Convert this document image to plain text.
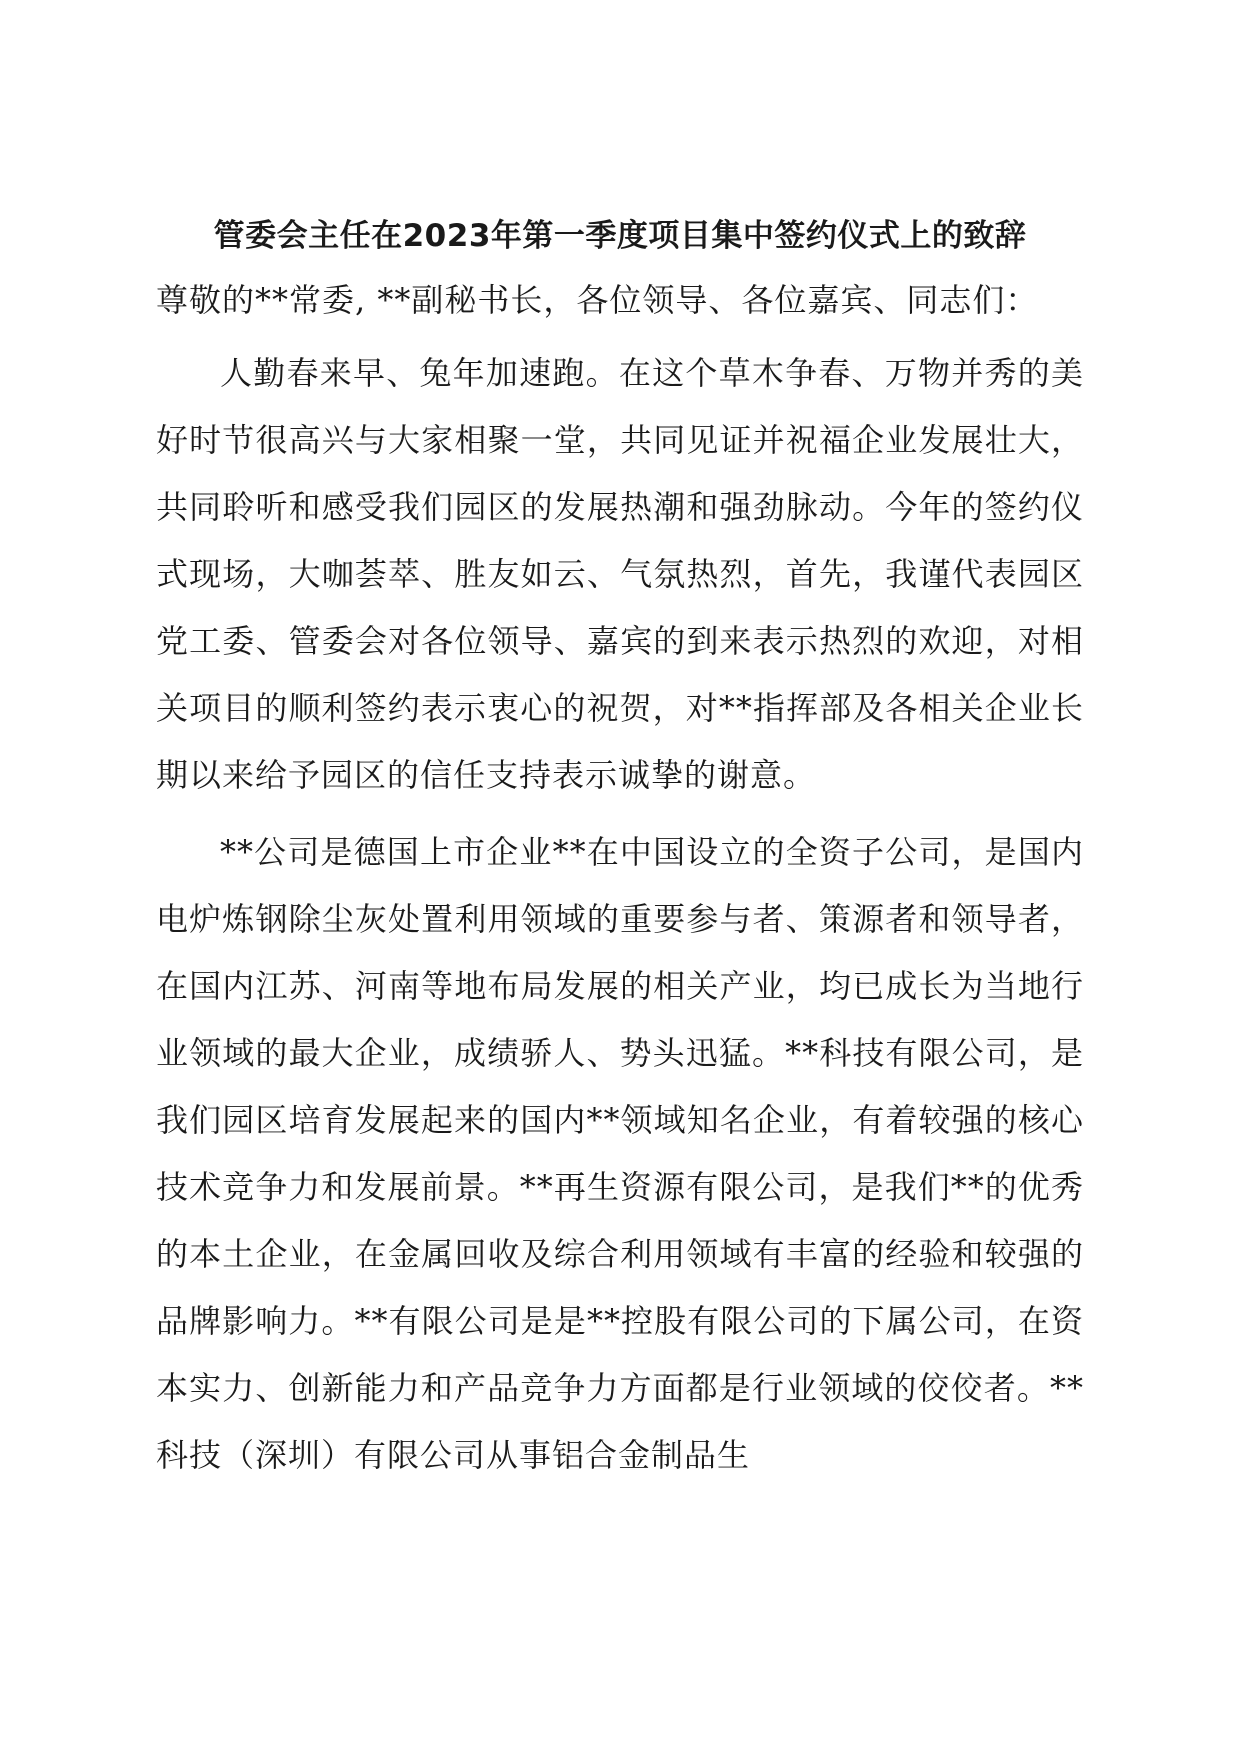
管委会主任在2023年第一季度项目集中签约仪式上的致辞

尊敬的**常委, **副秘书长，各位领导、各位嘉宾、同志们：

人勤春来早、兔年加速跑。在这个草木争春、万物并秀的美好时节很高兴与大家相聚一堂，共同见证并祝福企业发展壮大，共同聆听和感受我们园区的发展热潮和强劲脉动。今年的签约仪式现场，大咖荟萃、胜友如云、气氛热烈，首先，我谨代表园区党工委、管委会对各位领导、嘉宾的到来表示热烈的欢迎，对相关项目的顺利签约表示衷心的祝贺，对**指挥部及各相关企业长期以来给予园区的信任支持表示诚挚的谢意。

**公司是德国上市企业**在中国设立的全资子公司，是国内电炉炼钢除尘灰处置利用领域的重要参与者、策源者和领导者，在国内江苏、河南等地布局发展的相关产业，均已成长为当地行业领域的最大企业，成绩骄人、势头迅猛。**科技有限公司，是我们园区培育发展起来的国内**领域知名企业，有着较强的核心技术竞争力和发展前景。**再生资源有限公司，是我们**的优秀的本土企业，在金属回收及综合利用领域有丰富的经验和较强的品牌影响力。**有限公司是是**控股有限公司的下属公司，在资本实力、创新能力和产品竞争力方面都是行业领域的佼佼者。**科技（深圳）有限公司从事铝合金制品生
